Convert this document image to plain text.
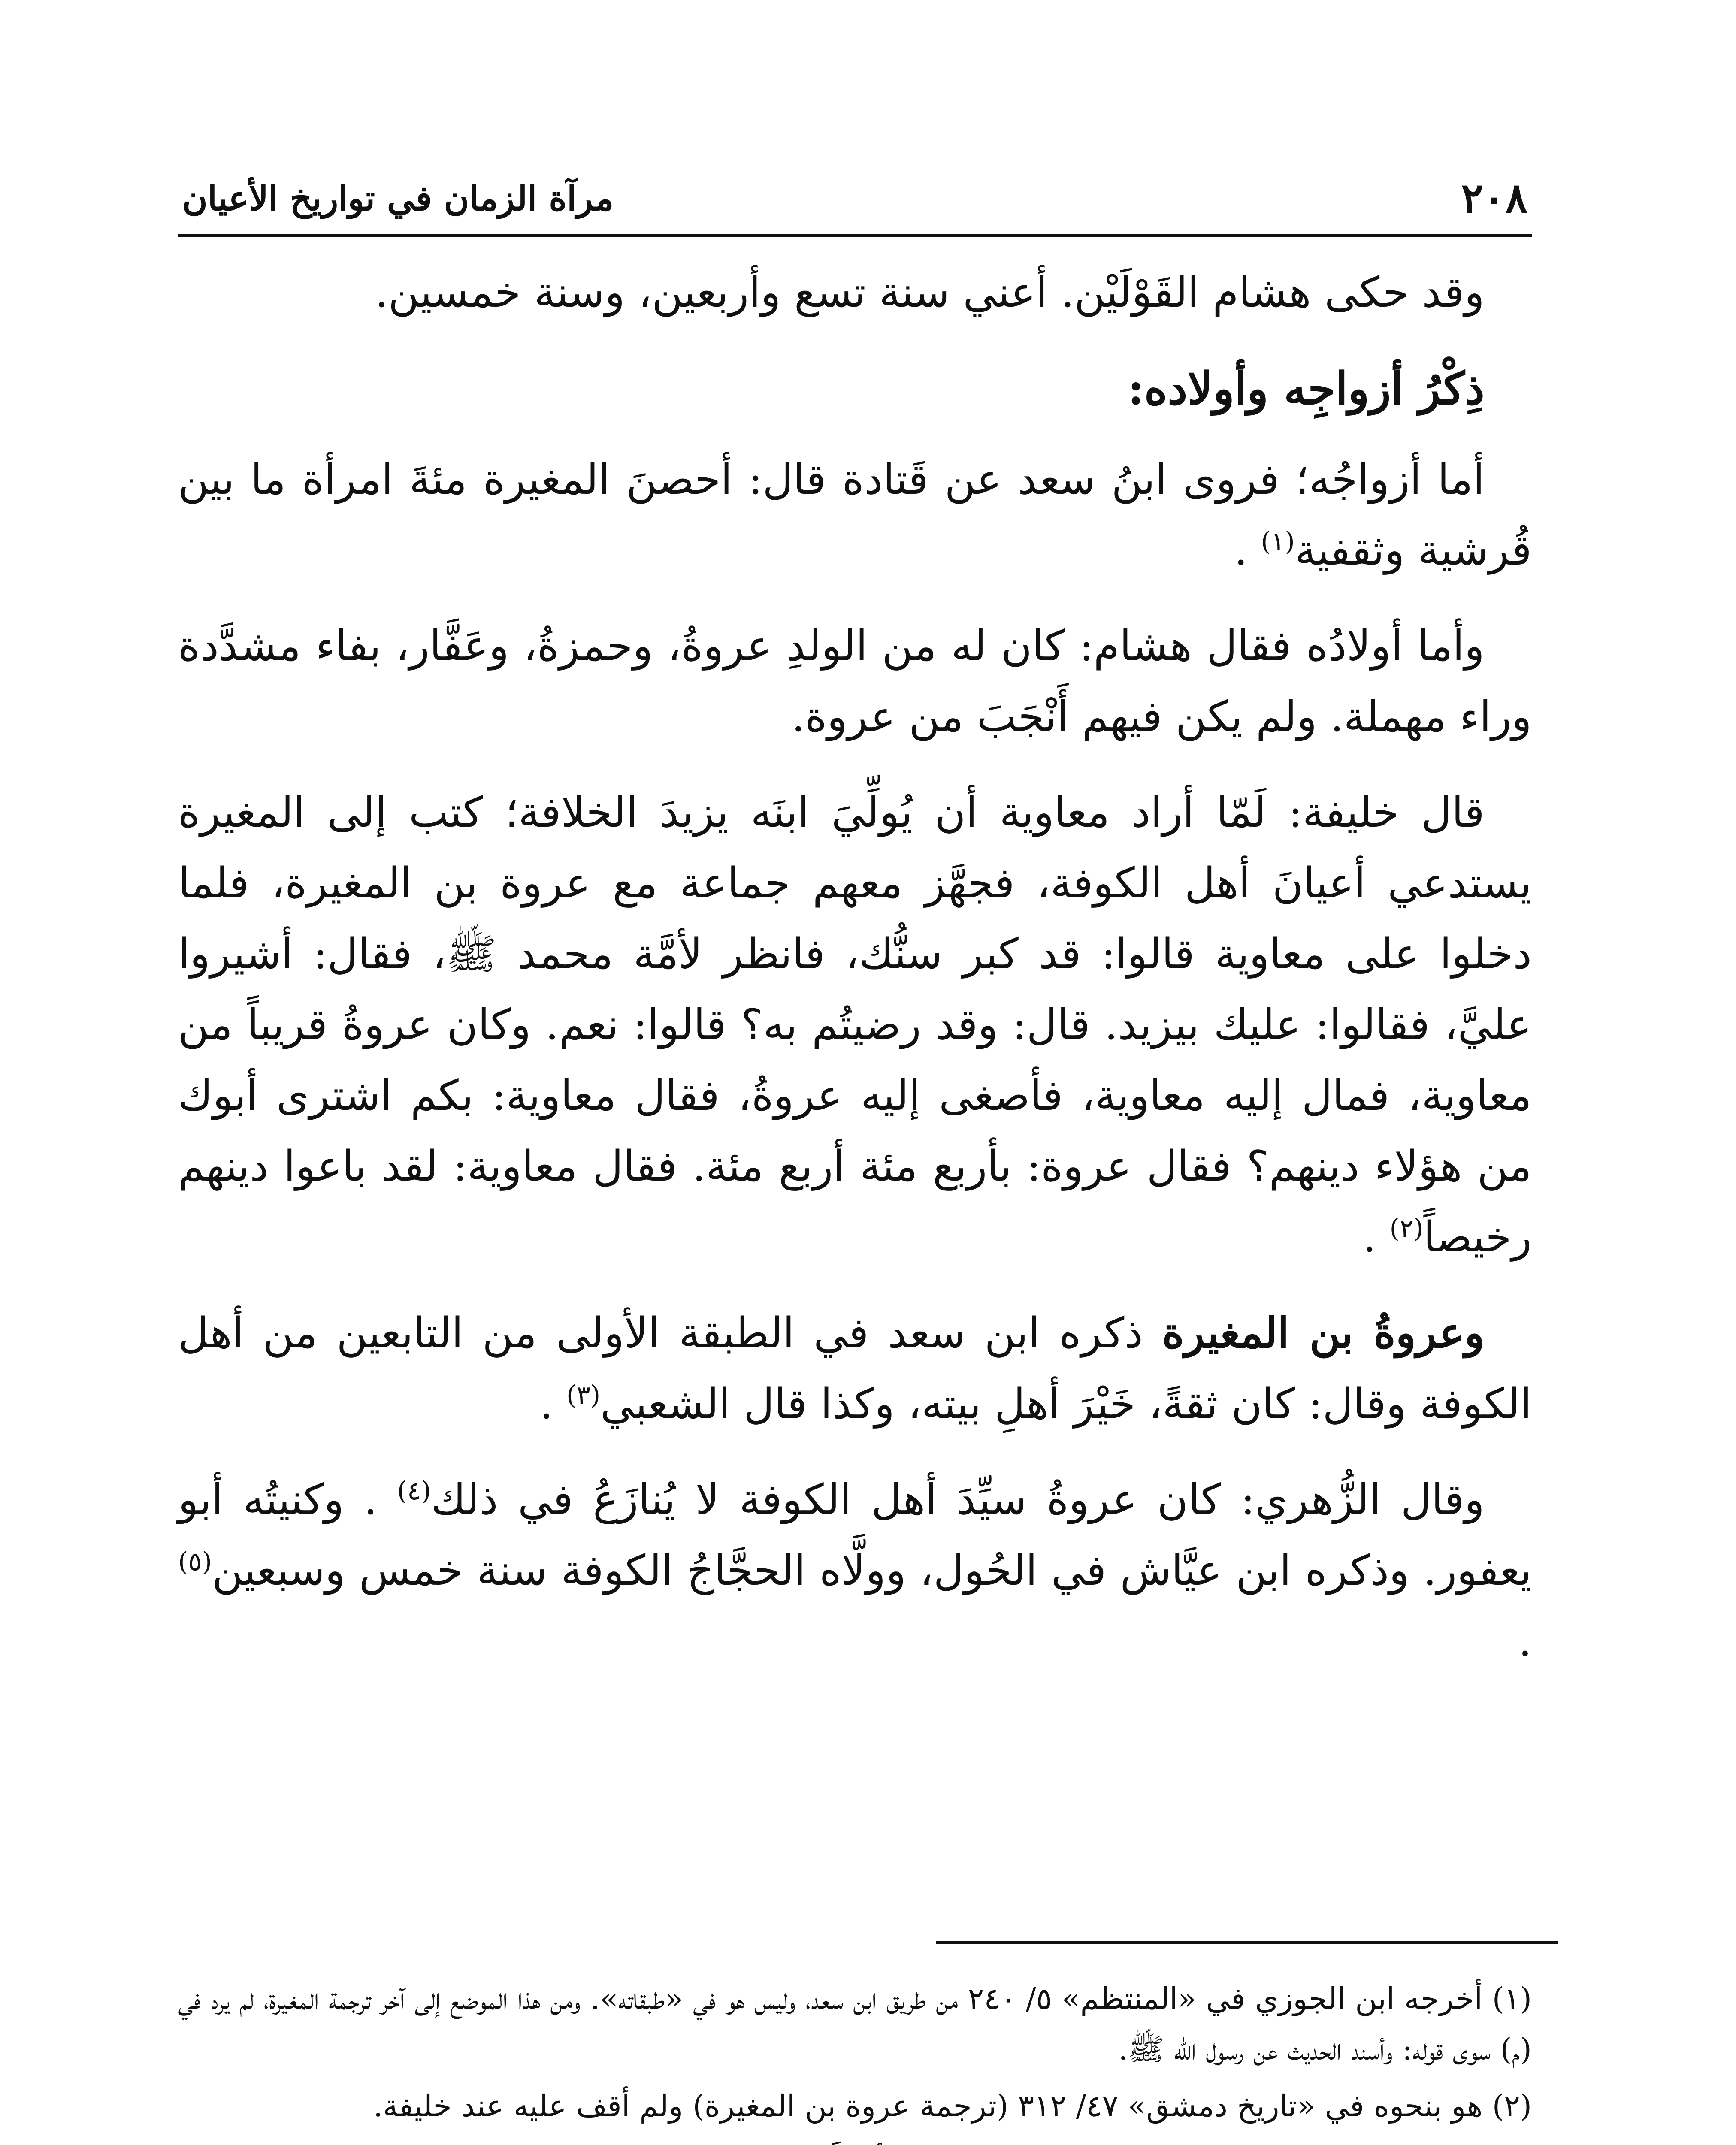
٢٠٨
مرآة الزمان في تواريخ الأعيان

وقد حكى هشام القَوْلَيْن. أعني سنة تسع وأربعين، وسنة خمسين.

ذِكْرُ أزواجِه وأولاده:

أما أزواجُه؛ فروى ابنُ سعد عن قَتادة قال: أحصنَ المغيرة مئةَ امرأة ما بين قُرشية وثقفية$^{(١)}$ .

وأما أولادُه فقال هشام: كان له من الولدِ عروةُ، وحمزةُ، وعَفَّار، بفاء مشدَّدة وراء مهملة. ولم يكن فيهم أَنْجَبَ من عروة.

قال خليفة: لَمّا أراد معاوية أن يُولِّيَ ابنَه يزيدَ الخلافة؛ كتب إلى المغيرة يستدعي أعيانَ أهل الكوفة، فجهَّز معهم جماعة مع عروة بن المغيرة، فلما دخلوا على معاوية قالوا: قد كبر سنُّك، فانظر لأمَّة محمد ﷺ، فقال: أشيروا عليَّ، فقالوا: عليك بيزيد. قال: وقد رضيتُم به؟ قالوا: نعم. وكان عروةُ قريباً من معاوية، فمال إليه معاوية، فأصغى إليه عروةُ، فقال معاوية: بكم اشترى أبوك من هؤلاء دينهم؟ فقال عروة: بأربع مئة أربع مئة. فقال معاوية: لقد باعوا دينهم رخيصاً$^{(٢)}$ .

وعروةُ بن المغيرة ذكره ابن سعد في الطبقة الأولى من التابعين من أهل الكوفة وقال: كان ثقةً، خَيْرَ أهلِ بيته، وكذا قال الشعبي$^{(٣)}$ .

وقال الزُّهري: كان عروةُ سيِّدَ أهل الكوفة لا يُنازَعُ في ذلك$^{(٤)}$ . وكنيتُه أبو يعفور. وذكره ابن عيَّاش في الحُول، وولَّاه الحجَّاجُ الكوفة سنة خمس وسبعين$^{(٥)}$ .

(١) أخرجه ابن الجوزي في «المنتظم» ٥/ ٢٤٠ من طريق ابن سعد، وليس هو في «طبقاته». ومن هذا الموضع إلى آخر ترجمة المغيرة، لم يرد في (م) سوى قوله: وأسند الحديث عن رسول الله ﷺ.

(٢) هو بنحوه في «تاريخ دمشق» ٤٧/ ٣١٢ (ترجمة عروة بن المغيرة) ولم أقف عليه عند خليفة.
